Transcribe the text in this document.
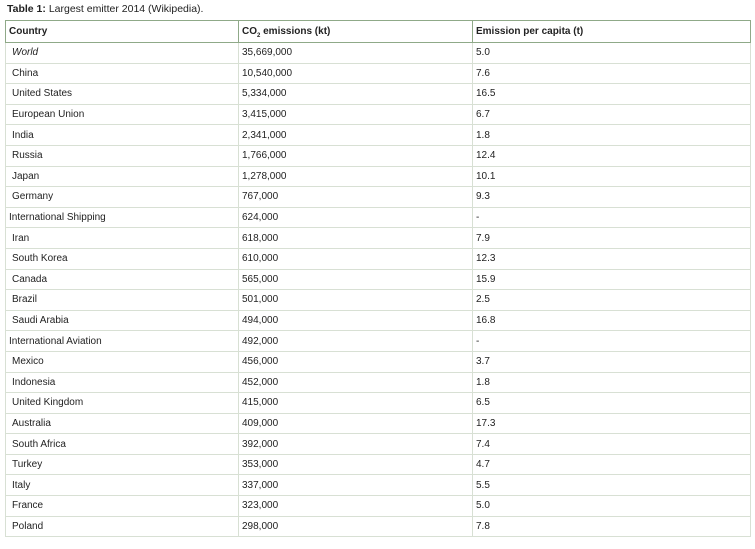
Table 1: Largest emitter 2014 (Wikipedia).
Country	$CO_2$ emissions (kt)	Emission per capita (t)
World	35,669,000	5.0
China	10,540,000	7.6
United States	5,334,000	16.5
European Union	3,415,000	6.7
India	2,341,000	1.8
Russia	1,766,000	12.4
Japan	1,278,000	10.1
Germany	767,000	9.3
International Shipping	624,000	-
Iran	618,000	7.9
South Korea	610,000	12.3
Canada	565,000	15.9
Brazil	501,000	2.5
Saudi Arabia	494,000	16.8
International Aviation	492,000	-
Mexico	456,000	3.7
Indonesia	452,000	1.8
United Kingdom	415,000	6.5
Australia	409,000	17.3
South Africa	392,000	7.4
Turkey	353,000	4.7
Italy	337,000	5.5
France	323,000	5.0
Poland	298,000	7.8
